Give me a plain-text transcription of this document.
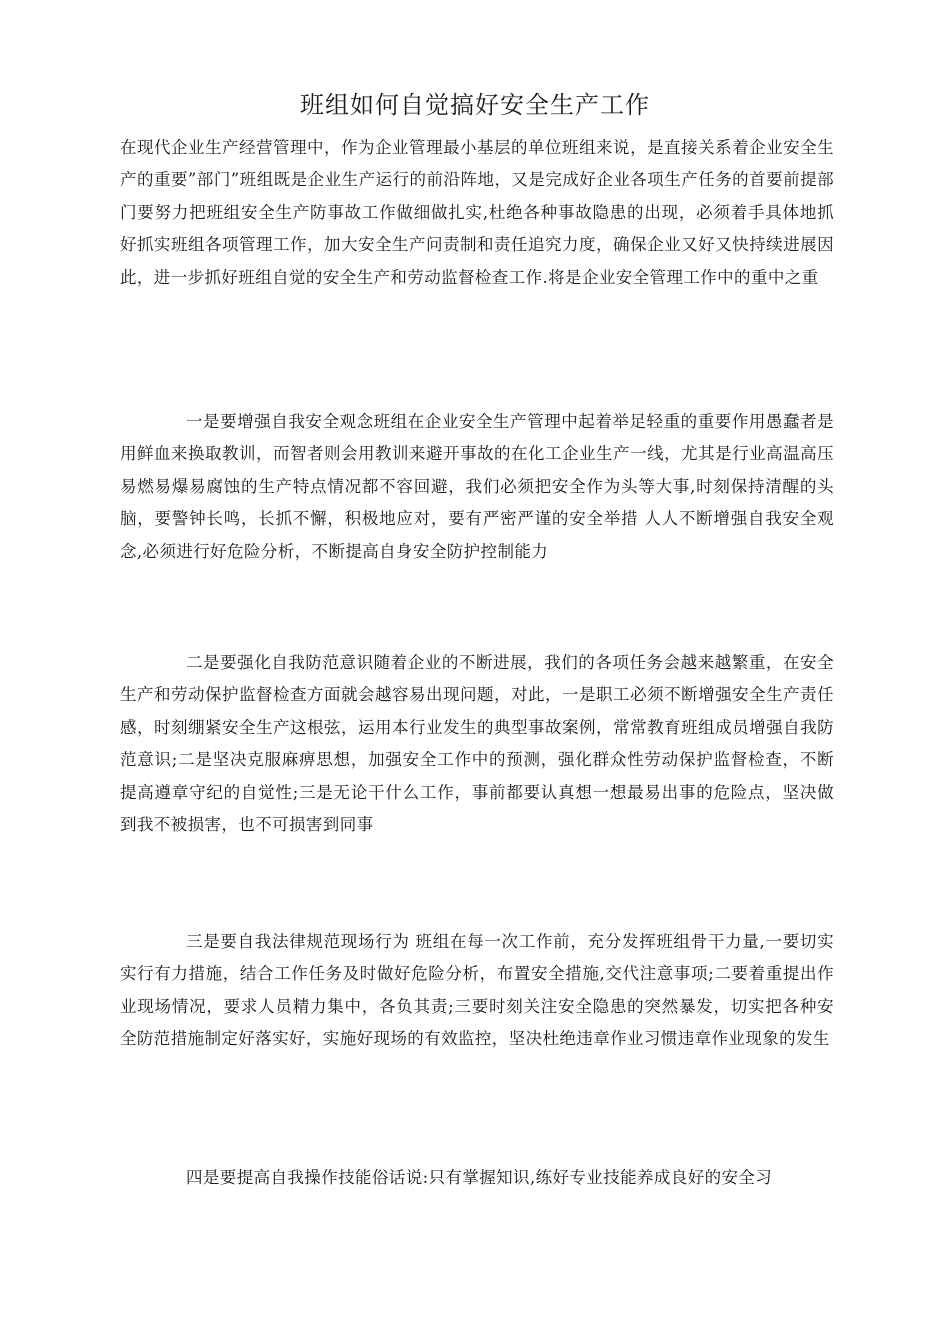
班组如何自觉搞好安全生产工作

在现代企业生产经营管理中，作为企业管理最小基层的单位班组来说，是直接关系着企业安全生产的重要”部门”班组既是企业生产运行的前沿阵地，又是完成好企业各项生产任务的首要前提部门要努力把班组安全生产防事故工作做细做扎实,杜绝各种事故隐患的出现，必须着手具体地抓好抓实班组各项管理工作，加大安全生产问责制和责任追究力度，确保企业又好又快持续进展因此，进一步抓好班组自觉的安全生产和劳动监督检查工作.将是企业安全管理工作中的重中之重

一是要增强自我安全观念班组在企业安全生产管理中起着举足轻重的重要作用愚蠢者是用鲜血来换取教训，而智者则会用教训来避开事故的在化工企业生产一线，尤其是行业高温高压易燃易爆易腐蚀的生产特点情况都不容回避，我们必须把安全作为头等大事,时刻保持清醒的头脑，要警钟长鸣，长抓不懈，积极地应对，要有严密严谨的安全举措 人人不断增强自我安全观念,必须进行好危险分析，不断提高自身安全防护控制能力

二是要强化自我防范意识随着企业的不断进展，我们的各项任务会越来越繁重，在安全生产和劳动保护监督检查方面就会越容易出现问题，对此，一是职工必须不断增强安全生产责任感，时刻绷紧安全生产这根弦，运用本行业发生的典型事故案例，常常教育班组成员增强自我防范意识;二是坚决克服麻痹思想，加强安全工作中的预测，强化群众性劳动保护监督检查，不断提高遵章守纪的自觉性;三是无论干什么工作，事前都要认真想一想最易出事的危险点，坚决做到我不被损害，也不可损害到同事

三是要自我法律规范现场行为 班组在每一次工作前，充分发挥班组骨干力量,一要切实实行有力措施，结合工作任务及时做好危险分析，布置安全措施,交代注意事项;二要着重提出作业现场情况，要求人员精力集中，各负其责;三要时刻关注安全隐患的突然暴发，切实把各种安全防范措施制定好落实好，实施好现场的有效监控，坚决杜绝违章作业习惯违章作业现象的发生

四是要提高自我操作技能俗话说:只有掌握知识,练好专业技能养成良好的安全习
